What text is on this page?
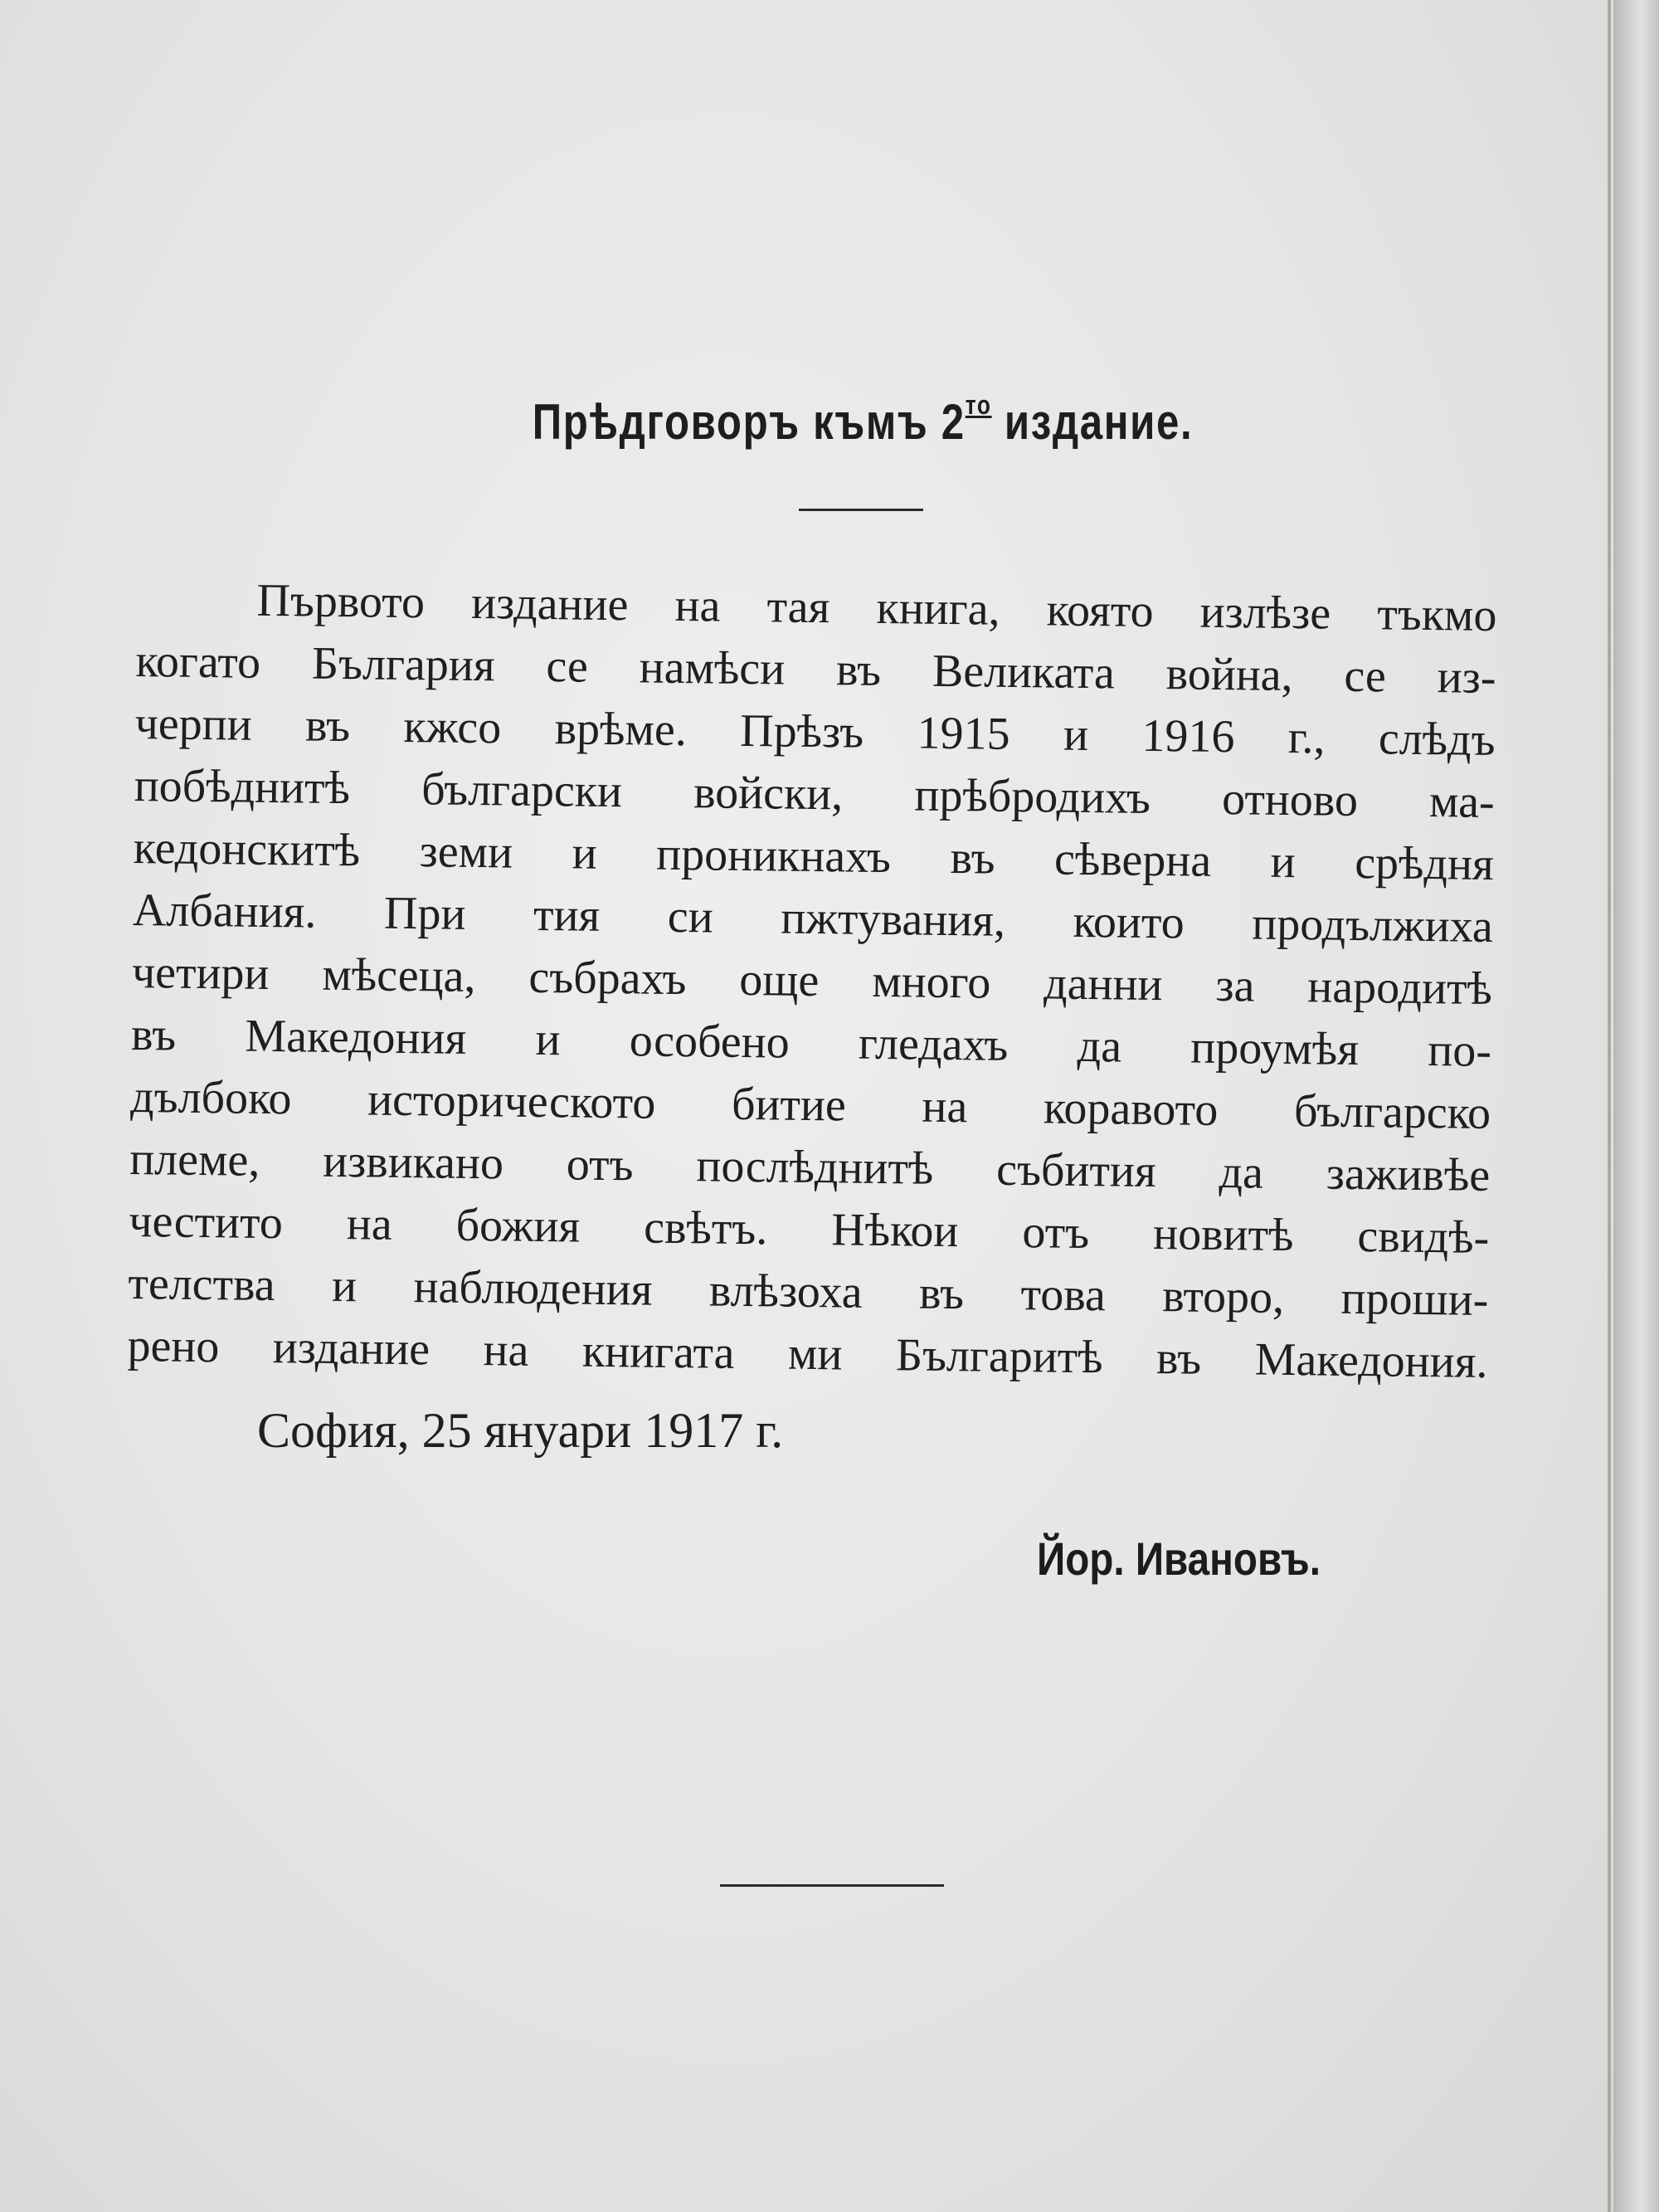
Прѣдговоръ къмъ $2^{то}$ издание.
Първото издание на тая книга, която излѣзе тъкмо
когато България се намѣси въ Великата война, се из-
черпи въ кжсо врѣме. Прѣзъ 1915 и 1916 г., слѣдъ
побѣднитѣ български войски, прѣбродихъ отново ма-
кедонскитѣ земи и проникнахъ въ сѣверна и срѣдня
Албания. При тия си пжтувания, които продължиха
четири мѣсеца, събрахъ още много данни за народитѣ
въ Македония и особено гледахъ да проумѣя по-
дълбоко историческото битие на коравото българско
племе, извикано отъ послѣднитѣ събития да заживѣе
честито на божия свѣтъ. Нѣкои отъ новитѣ свидѣ-
телства и наблюдения влѣзоха въ това второ, проши-
рено издание на книгата ми Българитѣ въ Македония.
София, 25 януари 1917 г.
Йор. Ивановъ.
